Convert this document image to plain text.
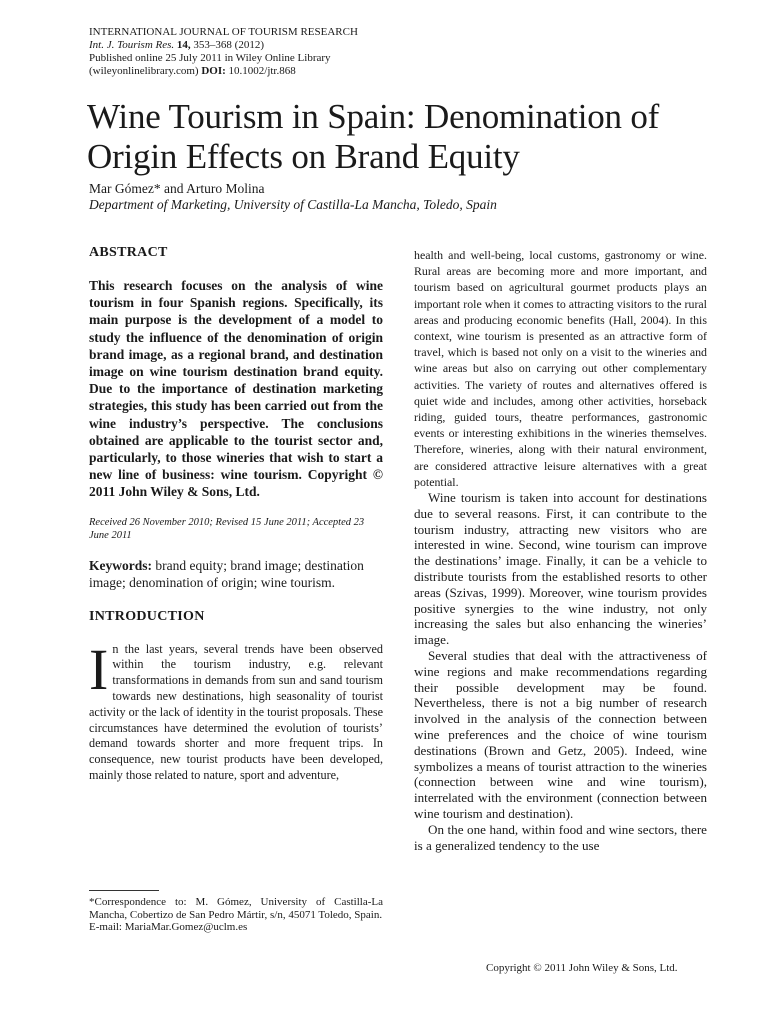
INTERNATIONAL JOURNAL OF TOURISM RESEARCH
Int. J. Tourism Res. 14, 353–368 (2012)
Published online 25 July 2011 in Wiley Online Library
(wileyonlinelibrary.com) DOI: 10.1002/jtr.868
Wine Tourism in Spain: Denomination of Origin Effects on Brand Equity
Mar Gómez* and Arturo Molina
Department of Marketing, University of Castilla-La Mancha, Toledo, Spain
ABSTRACT

This research focuses on the analysis of wine tourism in four Spanish regions. Specifically, its main purpose is the development of a model to study the influence of the denomination of origin brand image, as a regional brand, and destination image on wine tourism destination brand equity. Due to the importance of destination marketing strategies, this study has been carried out from the wine industry’s perspective. The conclusions obtained are applicable to the tourist sector and, particularly, to those wineries that wish to start a new line of business: wine tourism. Copyright © 2011 John Wiley & Sons, Ltd.

Received 26 November 2010; Revised 15 June 2011; Accepted 23 June 2011
Keywords: brand equity; brand image; destination image; denomination of origin; wine tourism.
INTRODUCTION
I n the last years, several trends have been observed within the tourism industry, e.g. relevant transformations in demands from sun and sand tourism towards new destinations, high seasonality of tourist activity or the lack of identity in the tourist proposals. These circumstances have determined the evolution of tourists’ demand towards shorter and more frequent trips. In consequence, new tourist products have been developed, mainly those related to nature, sport and adventure,
*Correspondence to: M. Gómez, University of Castilla-La Mancha, Cobertizo de San Pedro Mártir, s/n, 45071 Toledo, Spain.
E-mail: MariaMar.Gomez@uclm.es

health and well-being, local customs, gastronomy or wine. Rural areas are becoming more and more important, and tourism based on agricultural gourmet products plays an important role when it comes to attracting visitors to the rural areas and producing economic benefits (Hall, 2004). In this context, wine tourism is presented as an attractive form of travel, which is based not only on a visit to the wineries and wine areas but also on carrying out other complementary activities. The variety of routes and alternatives offered is quiet wide and includes, among other activities, horseback riding, guided tours, theatre performances, gastronomic events or interesting exhibitions in the wineries themselves. Therefore, wineries, along with their natural environment, are considered attractive leisure alternatives with a great potential.

Wine tourism is taken into account for destinations due to several reasons. First, it can contribute to the tourism industry, attracting new visitors who are interested in wine. Second, wine tourism can improve the destinations’ image. Finally, it can be a vehicle to distribute tourists from the established resorts to other areas (Szivas, 1999). Moreover, wine tourism provides positive synergies to the wine industry, not only increasing the sales but also enhancing the wineries’ image.

Several studies that deal with the attractiveness of wine regions and make recommendations regarding their possible development may be found. Nevertheless, there is not a big number of research involved in the analysis of the connection between wine preferences and the choice of wine tourism destinations (Brown and Getz, 2005). Indeed, wine symbolizes a means of tourist attraction to the wineries (connection between wine and wine tourism), interrelated with the environment (connection between wine tourism and destination).

On the one hand, within food and wine sectors, there is a generalized tendency to the use

Copyright © 2011 John Wiley & Sons, Ltd.
